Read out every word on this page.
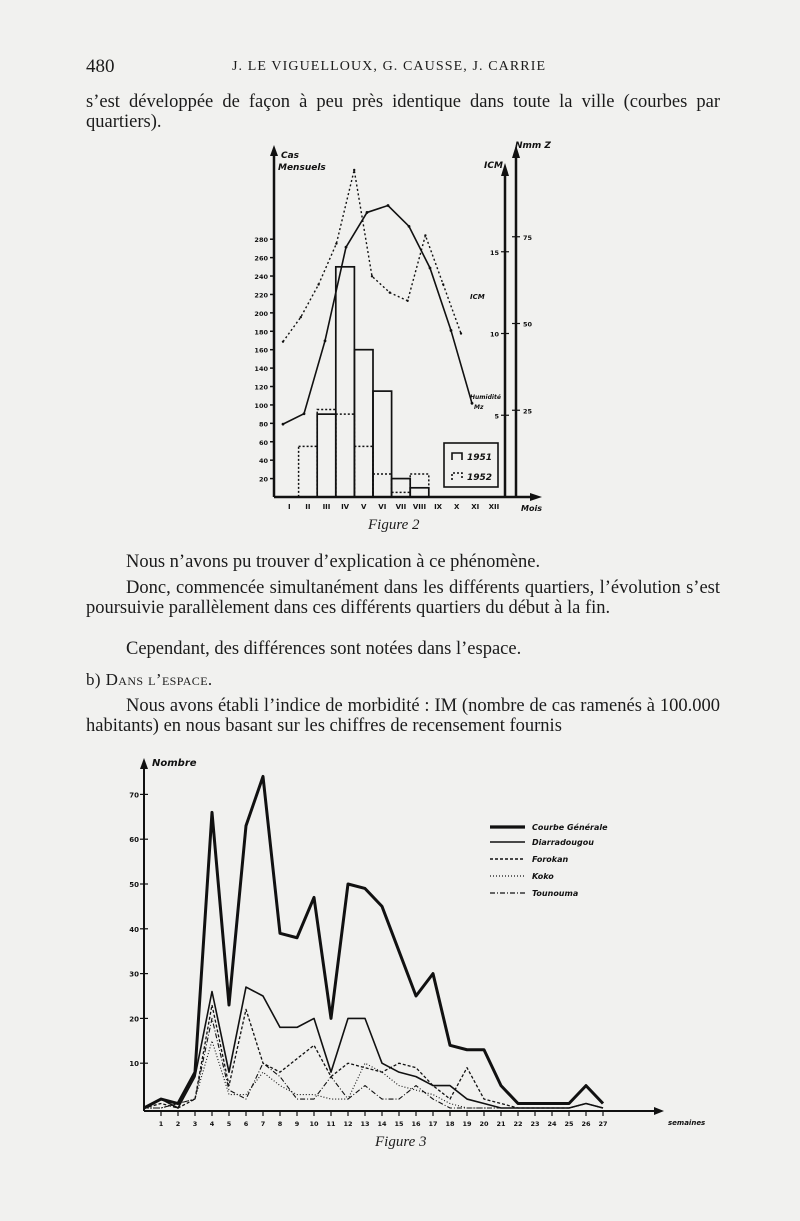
480	J. LE VIGUELLOUX, G. CAUSSE, J. CARRIE
s’est développée de façon à peu près identique dans toute la ville (courbes par quartiers).
Cas
Mensuels	ICM
Nmm Z
Mois
ICM
Humidité
Mz
1951
1952
20
40
60
80
100
120
140
160
180
200
220
240
260
280
I II III IV V VI VII VIII IX X XI XII
5
10
15
25
50
75
Figure 2
Nous n’avons pu trouver d’explication à ce phénomène.
Donc, commencée simultanément dans les différents quartiers, l’évolution s’est poursuivie parallèlement dans ces différents quartiers du début à la fin.
Cependant, des différences sont notées dans l’espace.
b) Dans l’espace.
Nous avons établi l’indice de morbidité : IM (nombre de cas ramenés à 100.000 habitants) en nous basant sur les chiffres de recensement fournis
Nombre
semaines
Courbe Générale
Diarradougou
Forokan
Koko
Tounouma
10
20
30
40
50
60
70
1 2 3 4 5 6 7 8 9 10 11 12 13 14 15 16 17 18 19 20 21 22 23 24 25 26 27
Figure 3
